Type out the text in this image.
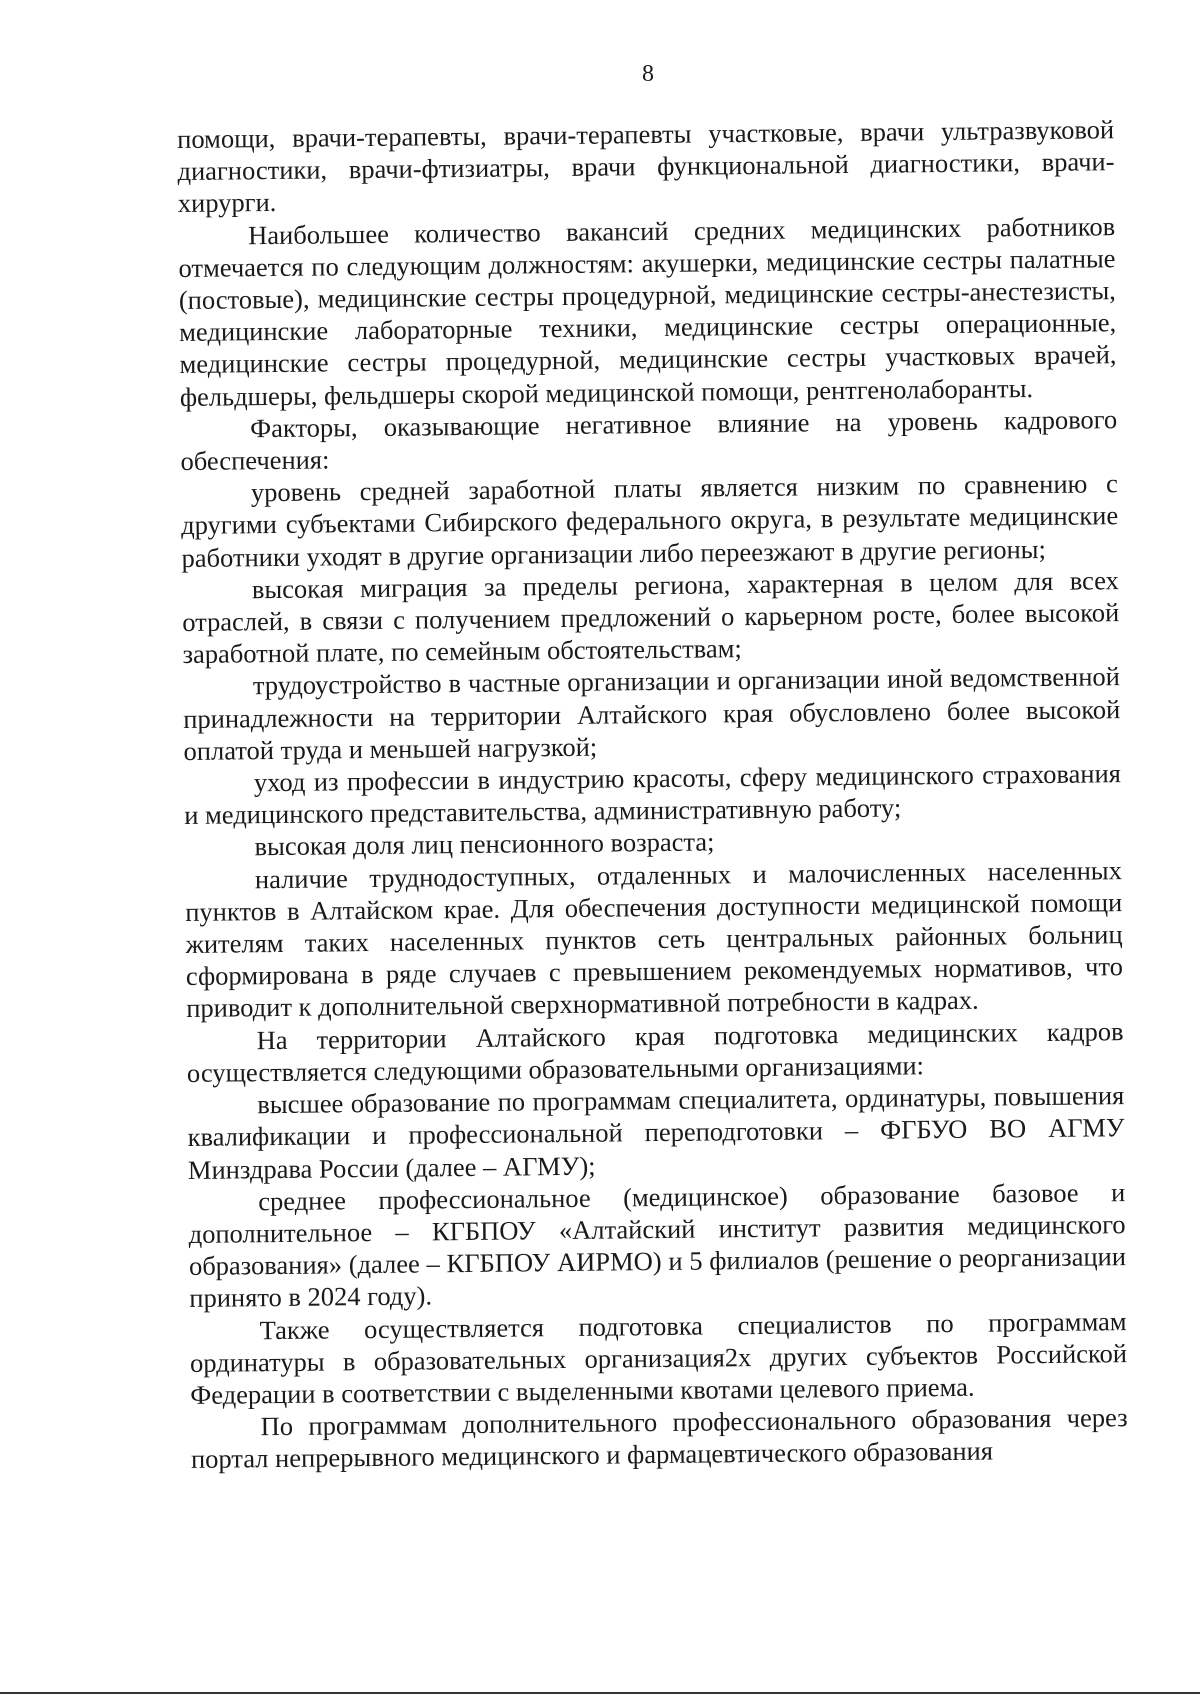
8

помощи, врачи-терапевты, врачи-терапевты участковые, врачи ультразвуковой диагностики, врачи-фтизиатры, врачи функциональной диагностики, врачи-хирурги.

Наибольшее количество вакансий средних медицинских работников отмечается по следующим должностям: акушерки, медицинские сестры палатные (постовые), медицинские сестры процедурной, медицинские сестры-анестезисты, медицинские лабораторные техники, медицинские сестры операционные, медицинские сестры процедурной, медицинские сестры участковых врачей, фельдшеры, фельдшеры скорой медицинской помощи, рентгенолаборанты.

Факторы, оказывающие негативное влияние на уровень кадрового обеспечения:

уровень средней заработной платы является низким по сравнению с другими субъектами Сибирского федерального округа, в результате медицинские работники уходят в другие организации либо переезжают в другие регионы;

высокая миграция за пределы региона, характерная в целом для всех отраслей, в связи с получением предложений о карьерном росте, более высокой заработной плате, по семейным обстоятельствам;

трудоустройство в частные организации и организации иной ведомственной принадлежности на территории Алтайского края обусловлено более высокой оплатой труда и меньшей нагрузкой;

уход из профессии в индустрию красоты, сферу медицинского страхования и медицинского представительства, административную работу;

высокая доля лиц пенсионного возраста;

наличие труднодоступных, отдаленных и малочисленных населенных пунктов в Алтайском крае. Для обеспечения доступности медицинской помощи жителям таких населенных пунктов сеть центральных районных больниц сформирована в ряде случаев с превышением рекомендуемых нормативов, что приводит к дополнительной сверхнормативной потребности в кадрах.

На территории Алтайского края подготовка медицинских кадров осуществляется следующими образовательными организациями:

высшее образование по программам специалитета, ординатуры, повышения квалификации и профессиональной переподготовки – ФГБУО ВО АГМУ Минздрава России (далее – АГМУ);

среднее профессиональное (медицинское) образование базовое и дополнительное – КГБПОУ «Алтайский институт развития медицинского образования» (далее – КГБПОУ АИРМО) и 5 филиалов (решение о реорганизации принято в 2024 году).

Также осуществляется подготовка специалистов по программам ординатуры в образовательных организация2х других субъектов Российской Федерации в соответствии с выделенными квотами целевого приема.

По программам дополнительного профессионального образования через портал непрерывного медицинского и фармацевтического образования
